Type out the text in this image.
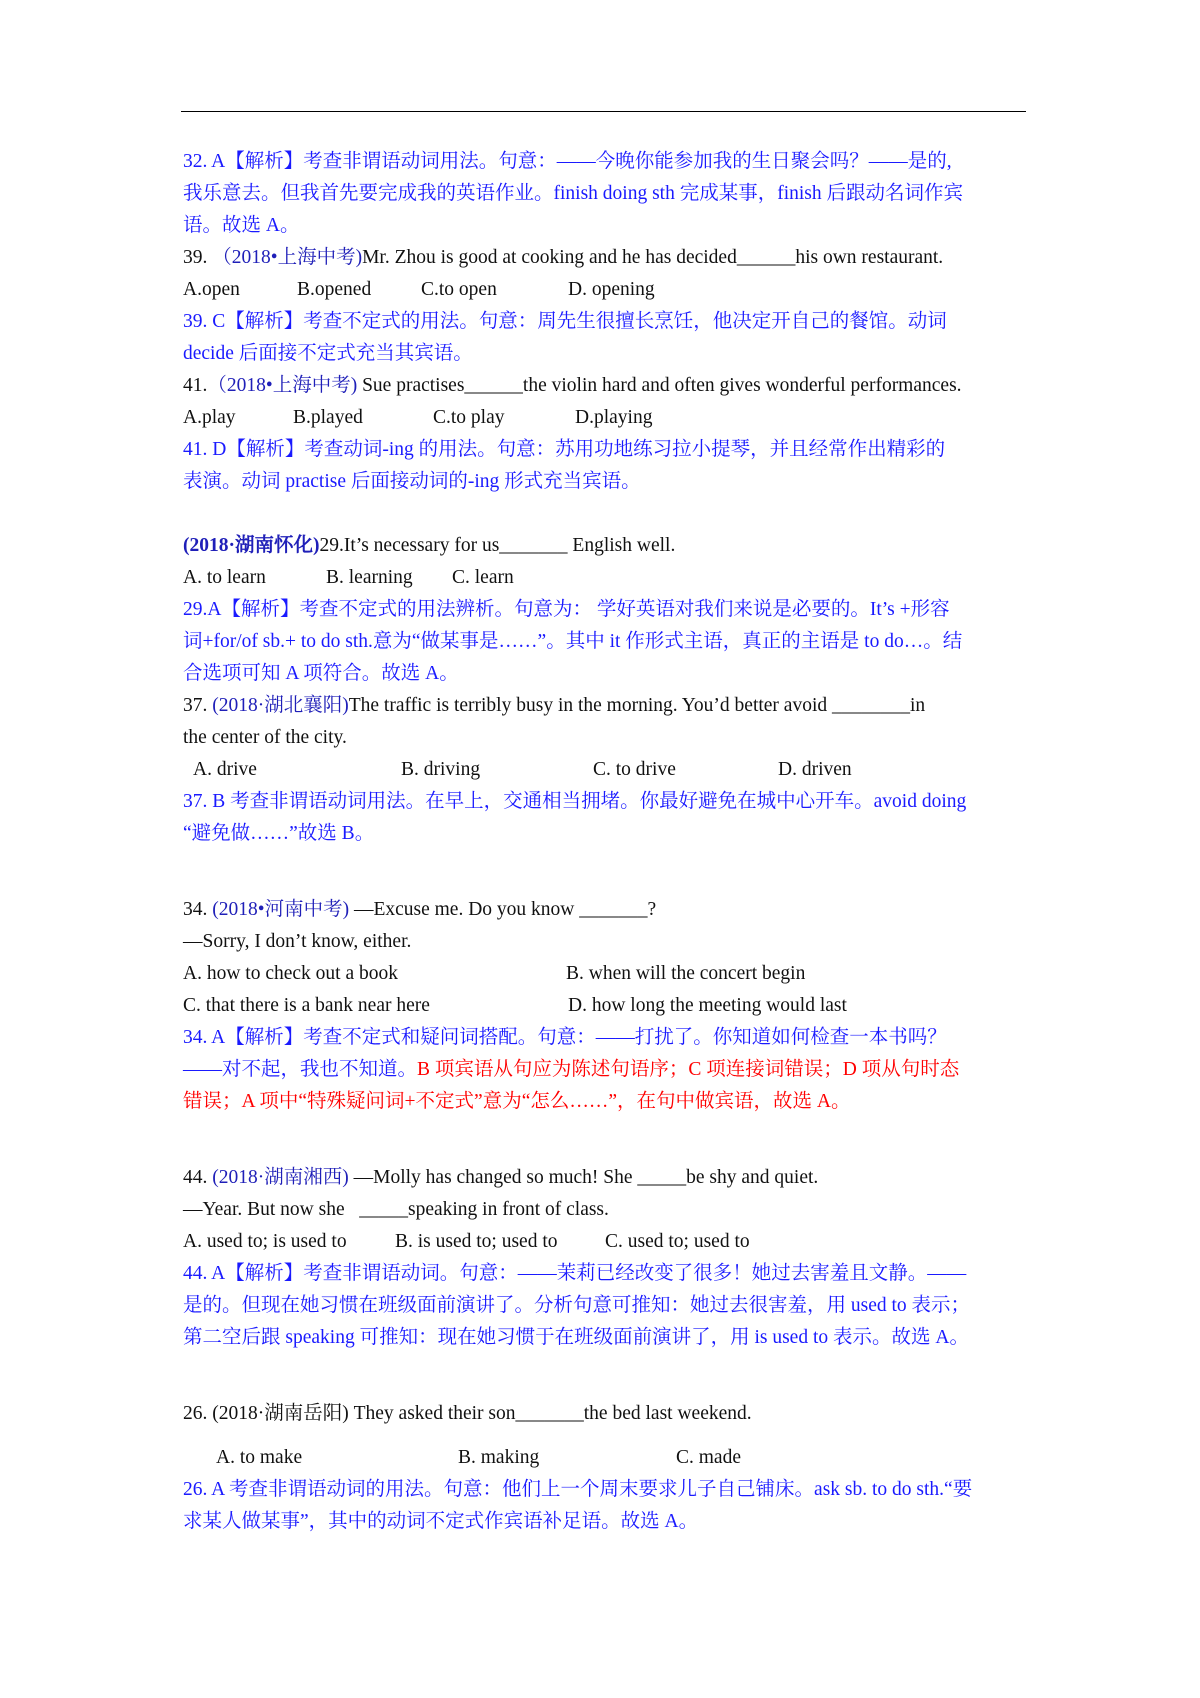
32. A【解析】考查非谓语动词用法。句意：——今晚你能参加我的生日聚会吗？——是的,
我乐意去。但我首先要完成我的英语作业。finish doing sth 完成某事，finish 后跟动名词作宾
语。故选 A。
39. （2018•上海中考)Mr. Zhou is good at cooking and he has decided______his own restaurant.
A.open	B.opened	C.to open	D. opening
39. C【解析】考查不定式的用法。句意：周先生很擅长烹饪，他决定开自己的餐馆。动词
decide 后面接不定式充当其宾语。
41.（2018•上海中考) Sue practises______the violin hard and often gives wonderful performances.
A.play	B.played	C.to play	D.playing
41. D【解析】考查动词-ing 的用法。句意：苏用功地练习拉小提琴，并且经常作出精彩的
表演。动词 practise 后面接动词的-ing 形式充当宾语。
(2018·湖南怀化)29.It’s necessary for us_______ English well.
A. to learn	B. learning	C. learn
29.A【解析】考查不定式的用法辨析。句意为： 学好英语对我们来说是必要的。It’s +形容
词+for/of sb.+ to do sth.意为“做某事是……”。其中 it 作形式主语，真正的主语是 to do…。结
合选项可知 A 项符合。故选 A。
37. (2018·湖北襄阳)The traffic is terribly busy in the morning. You’d better avoid ________in
the center of the city.
A. drive	B. driving	C. to drive	D. driven
37. B 考查非谓语动词用法。在早上，交通相当拥堵。你最好避免在城中心开车。avoid doing
“避免做……”故选 B。
34. (2018•河南中考) —Excuse me. Do you know _______?
—Sorry, I don’t know, either.
A. how to check out a book	B. when will the concert begin
C. that there is a bank near here	D. how long the meeting would last
34. A【解析】考查不定式和疑问词搭配。句意：——打扰了。你知道如何检查一本书吗？
——对不起，我也不知道。B 项宾语从句应为陈述句语序；C 项连接词错误；D 项从句时态
错误；A 项中“特殊疑问词+不定式”意为“怎么……”，在句中做宾语，故选 A。
44. (2018·湖南湘西) —Molly has changed so much! She _____be shy and quiet.
—Year. But now she   _____speaking in front of class.
A. used to; is used to	B. is used to; used to	C. used to; used to
44. A【解析】考查非谓语动词。句意：——茉莉已经改变了很多！她过去害羞且文静。——
是的。但现在她习惯在班级面前演讲了。分析句意可推知：她过去很害羞，用 used to 表示；
第二空后跟 speaking 可推知：现在她习惯于在班级面前演讲了，用 is used to 表示。故选 A。
26. (2018·湖南岳阳) They asked their son_______the bed last weekend.
A. to make	B. making	C. made
26. A 考查非谓语动词的用法。句意：他们上一个周末要求儿子自己铺床。ask sb. to do sth.“要
求某人做某事”，其中的动词不定式作宾语补足语。故选 A。
